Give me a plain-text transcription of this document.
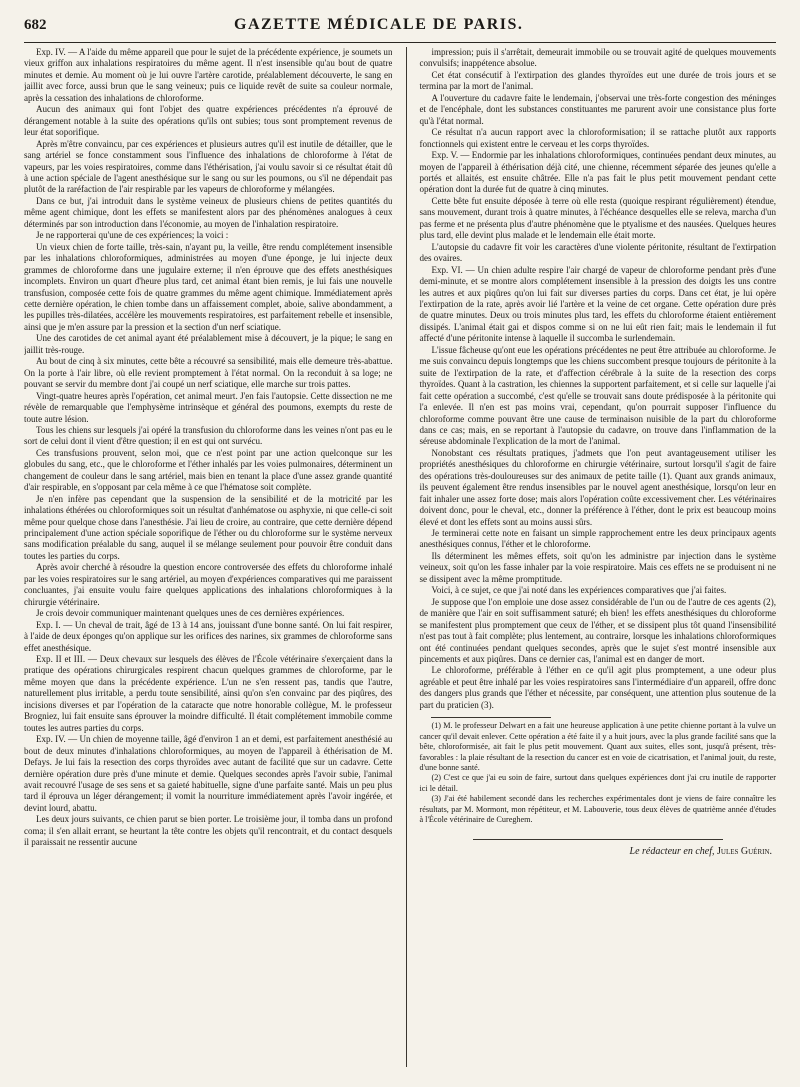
682	GAZETTE MÉDICALE DE PARIS.

Exp. IV. — A l'aide du même appareil que pour le sujet de la précédente expérience, je soumets un vieux griffon aux inhalations respiratoires du même agent. Il n'est insensible qu'au bout de quatre minutes et demie. Au moment où je lui ouvre l'artère carotide, préalablement découverte, le sang en jaillit avec force, aussi brun que le sang veineux; puis ce liquide revêt de suite sa couleur normale, après la cessation des inhalations de chloroforme.

Aucun des animaux qui font l'objet des quatre expériences précédentes n'a éprouvé de dérangement notable à la suite des opérations qu'ils ont subies; tous sont promptement revenus de leur état soporifique.

Après m'être convaincu, par ces expériences et plusieurs autres qu'il est inutile de détailler, que le sang artériel se fonce constamment sous l'influence des inhalations de chloroforme à l'état de vapeurs, par les voies respiratoires, comme dans l'éthérisation, j'ai voulu savoir si ce résultat était dû à une action spéciale de l'agent anesthésique sur le sang ou sur les poumons, ou s'il ne dépendait pas plutôt de la raréfaction de l'air respirable par les vapeurs de chloroforme y mélangées.

Dans ce but, j'ai introduit dans le système veineux de plusieurs chiens de petites quantités du même agent chimique, dont les effets se manifestent alors par des phénomènes analogues à ceux déterminés par son introduction dans l'économie, au moyen de l'inhalation respiratoire.

Je ne rapporterai qu'une de ces expériences; la voici :

Un vieux chien de forte taille, très-sain, n'ayant pu, la veille, être rendu complétement insensible par les inhalations chloroformiques, administrées au moyen d'une éponge, je lui injecte deux grammes de chloroforme dans une jugulaire externe; il n'en éprouve que des effets anesthésiques incomplets. Environ un quart d'heure plus tard, cet animal étant bien remis, je lui fais une nouvelle transfusion, composée cette fois de quatre grammes du même agent chimique. Immédiatement après cette dernière opération, le chien tombe dans un affaissement complet, aboie, salive abondamment, a les pupilles très-dilatées, accélère les mouvements respiratoires, est parfaitement rebelle et insensible, ainsi que je m'en assure par la pression et la section d'un nerf sciatique.

Une des carotides de cet animal ayant été préalablement mise à découvert, je la pique; le sang en jaillit très-rouge.

Au bout de cinq à six minutes, cette bête a récouvré sa sensibilité, mais elle demeure très-abattue. On la porte à l'air libre, où elle revient promptement à l'état normal. On la reconduit à sa loge; ne pouvant se servir du membre dont j'ai coupé un nerf sciatique, elle marche sur trois pattes.

Vingt-quatre heures après l'opération, cet animal meurt. J'en fais l'autopsie. Cette dissection ne me révèle de remarquable que l'emphysème intrinsèque et général des poumons, exempts du reste de toute autre lésion.

Tous les chiens sur lesquels j'ai opéré la transfusion du chloroforme dans les veines n'ont pas eu le sort de celui dont il vient d'être question; il en est qui ont survécu.

Ces transfusions prouvent, selon moi, que ce n'est point par une action quelconque sur les globules du sang, etc., que le chloroforme et l'éther inhalés par les voies pulmonaires, déterminent un changement de couleur dans le sang artériel, mais bien en tenant la place d'une assez grande quantité d'air respirable, en s'opposant par cela même à ce que l'hématose soit complète.

Je n'en infère pas cependant que la suspension de la sensibilité et de la motricité par les inhalations éthérées ou chloroformiques soit un résultat d'anhématose ou asphyxie, ni que celle-ci soit même pour quelque chose dans l'anesthésie. J'ai lieu de croire, au contraire, que cette dernière dépend principalement d'une action spéciale soporifique de l'éther ou du chloroforme sur le système nerveux sans modification préalable du sang, auquel il se mélange seulement pour pouvoir être conduit dans toutes les parties du corps.

Après avoir cherché à résoudre la question encore controversée des effets du chloroforme inhalé par les voies respiratoires sur le sang artériel, au moyen d'expériences comparatives qui me paraissent concluantes, j'ai ensuite voulu faire quelques applications des inhalations chloroformiques à la chirurgie vétérinaire.

Je crois devoir communiquer maintenant quelques unes de ces dernières expériences.

Exp. I. — Un cheval de trait, âgé de 13 à 14 ans, jouissant d'une bonne santé. On lui fait respirer, à l'aide de deux éponges qu'on applique sur les orifices des narines, six grammes de chloroforme sans effet anesthésique.

Exp. II et III. — Deux chevaux sur lesquels des élèves de l'École vétérinaire s'exerçaient dans la pratique des opérations chirurgicales respirent chacun quelques grammes de chloroforme, par le même moyen que dans la précédente expérience. L'un ne s'en ressent pas, tandis que l'autre, naturellement plus irritable, a perdu toute sensibilité, ainsi qu'on s'en convainc par des piqûres, des incisions diverses et par l'opération de la cataracte que notre honorable collègue, M. le professeur Brogniez, lui fait ensuite sans éprouver la moindre difficulté. Il était complétement immobile comme toutes les autres parties du corps.

Exp. IV. — Un chien de moyenne taille, âgé d'environ 1 an et demi, est parfaitement anesthésié au bout de deux minutes d'inhalations chloroformiques, au moyen de l'appareil à éthérisation de M. Defays. Je lui fais la resection des corps thyroïdes avec autant de facilité que sur un cadavre. Cette dernière opération dure près d'une minute et demie. Quelques secondes après l'avoir subie, l'animal avait recouvré l'usage de ses sens et sa gaieté habituelle, signe d'une parfaite santé. Mais un peu plus tard il éprouva un léger dérangement; il vomit la nourriture immédiatement après l'avoir ingérée, et devint lourd, abattu.

Les deux jours suivants, ce chien parut se bien porter. Le troisième jour, il tomba dans un profond coma; il s'en allait errant, se heurtant la tête contre les objets qu'il rencontrait, et du contact desquels il paraissait ne ressentir aucune

impression; puis il s'arrêtait, demeurait immobile ou se trouvait agité de quelques mouvements convulsifs; inappétence absolue.

Cet état consécutif à l'extirpation des glandes thyroïdes eut une durée de trois jours et se termina par la mort de l'animal.

A l'ouverture du cadavre faite le lendemain, j'observai une très-forte congestion des méninges et de l'encéphale, dont les substances constituantes me parurent avoir une consistance plus forte qu'à l'état normal.

Ce résultat n'a aucun rapport avec la chloroformisation; il se rattache plutôt aux rapports fonctionnels qui existent entre le cerveau et les corps thyroïdes.

Exp. V. — Endormie par les inhalations chloroformiques, continuées pendant deux minutes, au moyen de l'appareil à éthérisation déjà cité, une chienne, récemment séparée des jeunes qu'elle a portés et allaités, est ensuite châtrée. Elle n'a pas fait le plus petit mouvement pendant cette opération dont la durée fut de quatre à cinq minutes.

Cette bête fut ensuite déposée à terre où elle resta (quoique respirant régulièrement) étendue, sans mouvement, durant trois à quatre minutes, à l'échéance desquelles elle se releva, marcha d'un pas ferme et ne présenta plus d'autre phénomène que le ptyalisme et des nausées. Quelques heures plus tard, elle devint plus malade et le lendemain elle était morte.

L'autopsie du cadavre fit voir les caractères d'une violente péritonite, résultant de l'extirpation des ovaires.

Exp. VI. — Un chien adulte respire l'air chargé de vapeur de chloroforme pendant près d'une demi-minute, et se montre alors complétement insensible à la pression des doigts les uns contre les autres et aux piqûres qu'on lui fait sur diverses parties du corps. Dans cet état, je lui opère l'extirpation de la rate, après avoir lié l'artère et la veine de cet organe. Cette opération dure près de quatre minutes. Deux ou trois minutes plus tard, les effets du chloroforme étaient entièrement dissipés. L'animal était gai et dispos comme si on ne lui eût rien fait; mais le lendemain il fut affecté d'une péritonite intense à laquelle il succomba le surlendemain.

L'issue fâcheuse qu'ont eue les opérations précédentes ne peut être attribuée au chloroforme. Je me suis convaincu depuis longtemps que les chiens succombent presque toujours de péritonite à la suite de l'extirpation de la rate, et d'affection cérébrale à la suite de la resection des corps thyroïdes. Quant à la castration, les chiennes la supportent parfaitement, et si celle sur laquelle j'ai fait cette opération a succombé, c'est qu'elle se trouvait sans doute prédisposée à la péritonite qui l'a enlevée. Il n'en est pas moins vrai, cependant, qu'on pourrait supposer l'influence du chloroforme comme pouvant être une cause de terminaison nuisible de la part du chloroforme dans ce cas; mais, en se reportant à l'autopsie du cadavre, on trouve dans l'inflammation de la séreuse abdominale l'explication de la mort de l'animal.

Nonobstant ces résultats pratiques, j'admets que l'on peut avantageusement utiliser les propriétés anesthésiques du chloroforme en chirurgie vétérinaire, surtout lorsqu'il s'agit de faire des opérations très-douloureuses sur des animaux de petite taille (1). Quant aux grands animaux, ils peuvent également être rendus insensibles par le nouvel agent anesthésique, lorsqu'on leur en fait inhaler une assez forte dose; mais alors l'opération coûte excessivement cher. Les vétérinaires doivent donc, pour le cheval, etc., donner la préférence à l'éther, dont le prix est beaucoup moins élevé et dont les effets sont au moins aussi sûrs.

Je terminerai cette note en faisant un simple rapprochement entre les deux principaux agents anesthésiques connus, l'éther et le chloroforme.

Ils déterminent les mêmes effets, soit qu'on les administre par injection dans le système veineux, soit qu'on les fasse inhaler par la voie respiratoire. Mais ces effets ne se produisent ni ne se dissipent avec la même promptitude.

Voici, à ce sujet, ce que j'ai noté dans les expériences comparatives que j'ai faites.

Je suppose que l'on emploie une dose assez considérable de l'un ou de l'autre de ces agents (2), de manière que l'air en soit suffisamment saturé; eh bien! les effets anesthésiques du chloroforme se manifestent plus promptement que ceux de l'éther, et se dissipent plus tôt quand l'insensibilité n'est pas tout à fait complète; plus lentement, au contraire, lorsque les inhalations chloroformiques ont été continuées pendant quelques secondes, après que le sujet s'est montré insensible aux pincements et aux piqûres. Dans ce dernier cas, l'animal est en danger de mort.

Le chloroforme, préférable à l'éther en ce qu'il agit plus promptement, a une odeur plus agréable et peut être inhalé par les voies respiratoires sans l'intermédiaire d'un appareil, offre donc des dangers plus grands que l'éther et nécessite, par conséquent, une attention plus soutenue de la part du praticien (3).

(1) M. le professeur Delwart en a fait une heureuse application à une petite chienne portant à la vulve un cancer qu'il devait enlever. Cette opération a été faite il y a huit jours, avec la plus grande facilité sans que la bête, chloroformisée, ait fait le plus petit mouvement. Quant aux suites, elles sont, jusqu'à présent, très-favorables : la plaie résultant de la resection du cancer est en voie de cicatrisation, et l'animal jouit, du reste, d'une bonne santé.

(2) C'est ce que j'ai eu soin de faire, surtout dans quelques expériences dont j'ai cru inutile de rapporter ici le détail.

(3) J'ai été habilement secondé dans les recherches expérimentales dont je viens de faire connaître les résultats, par M. Mormont, mon répétiteur, et M. Labouverie, tous deux élèves de quatrième année d'études à l'École vétérinaire de Cureghem.

Le rédacteur en chef, Jules Guérin.
